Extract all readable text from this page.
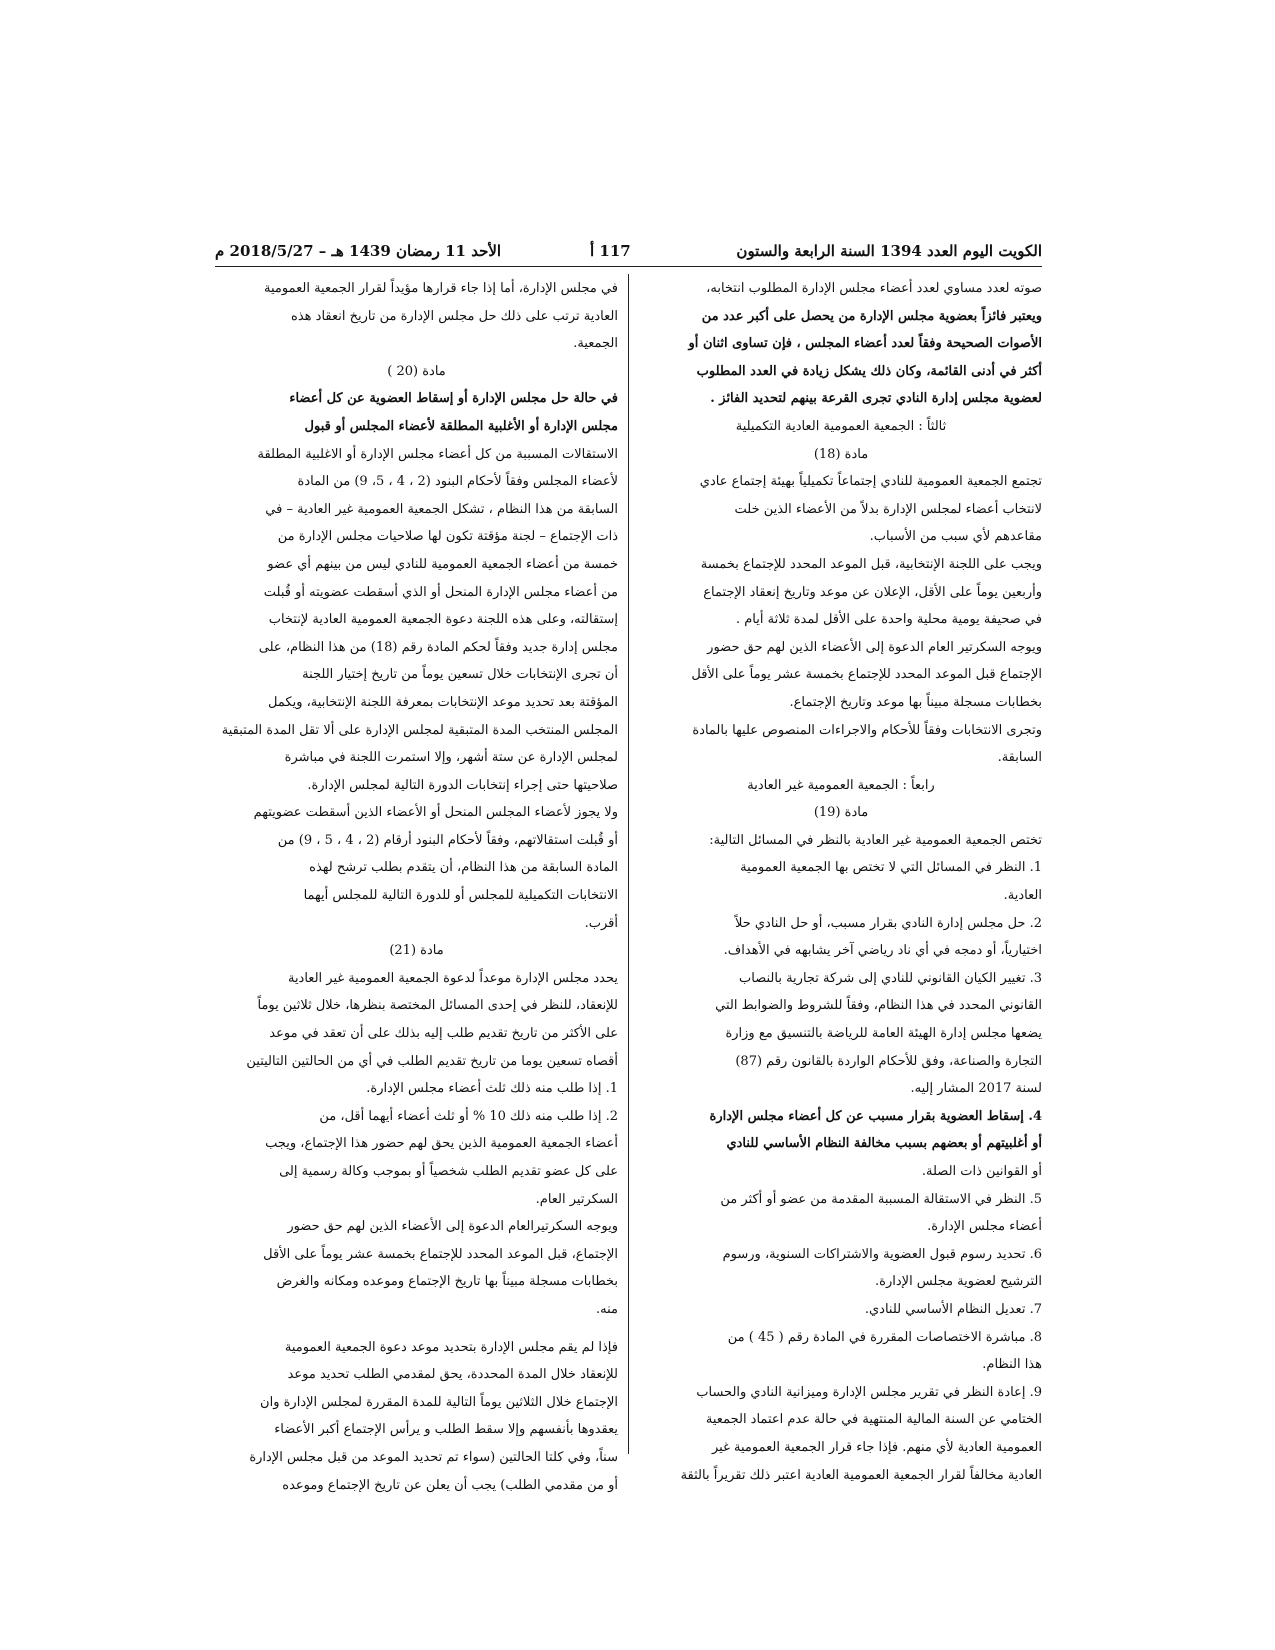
الكويت اليوم العدد 1394 السنة الرابعة والستون
117 أ
الأحد 11 رمضان 1439 هـ – 2018/5/27 م

صوته لعدد مساوي لعدد أعضاء مجلس الإدارة المطلوب انتخابه،

ويعتبر فائزاً بعضوية مجلس الإدارة من يحصل على أكبر عدد من

الأصوات الصحيحة وفقاً لعدد أعضاء المجلس ، فإن تساوى اثنان أو

أكثر في أدنى القائمة، وكان ذلك يشكل زيادة في العدد المطلوب

لعضوية مجلس إدارة النادي تجرى القرعة بينهم لتحديد الفائز .

ثالثاً : الجمعية العمومية العادية التكميلية

مادة (18)

تجتمع الجمعية العمومية للنادي إجتماعاً تكميلياً بهيئة إجتماع عادي

لانتخاب أعضاء لمجلس الإدارة بدلاً من الأعضاء الذين خلت

مقاعدهم لأي سبب من الأسباب.

ويجب على اللجنة الإنتخابية، قبل الموعد المحدد للإجتماع بخمسة

وأربعين يوماً على الأقل، الإعلان عن موعد وتاريخ إنعقاد الإجتماع

في صحيفة يومية محلية واحدة على الأقل لمدة ثلاثة أيام .

ويوجه السكرتير العام الدعوة إلى الأعضاء الذين لهم حق حضور

الإجتماع قبل الموعد المحدد للإجتماع بخمسة عشر يوماً على الأقل

بخطابات مسجلة مبيناً بها موعد وتاريخ الإجتماع.

وتجرى الانتخابات وفقاً للأحكام والاجراءات المنصوص عليها بالمادة

السابقة.

رابعاً : الجمعية العمومية غير العادية

مادة (19)

تختص الجمعية العمومية غير العادية بالنظر في المسائل التالية:

1. النظر في المسائل التي لا تختص بها الجمعية العمومية

العادية.

2. حل مجلس إدارة النادي بقرار مسبب، أو حل النادي حلاً

اختيارياً، أو دمجه في أي ناد رياضي آخر يشابهه في الأهداف.

3. تغيير الكيان القانوني للنادي إلى شركة تجارية بالنصاب

القانوني المحدد في هذا النظام، وفقاً للشروط والضوابط التي

يضعها مجلس إدارة الهيئة العامة للرياضة بالتنسيق مع وزارة

التجارة والصناعة، وفق للأحكام الواردة بالقانون رقم (87)

لسنة 2017 المشار إليه.

4. إسقاط العضوية بقرار مسبب عن كل أعضاء مجلس الإدارة

أو أغلبيتهم أو بعضهم بسبب مخالفة النظام الأساسي للنادي

أو القوانين ذات الصلة.

5. النظر في الاستقالة المسببة المقدمة من عضو أو أكثر من

أعضاء مجلس الإدارة.

6. تحديد رسوم قبول العضوية والاشتراكات السنوية، ورسوم

الترشيح لعضوية مجلس الإدارة.

7. تعديل النظام الأساسي للنادي.

8. مباشرة الاختصاصات المقررة في المادة رقم ( 45 ) من

هذا النظام.

9. إعادة النظر في تقرير مجلس الإدارة وميزانية النادي والحساب

الختامي عن السنة المالية المنتهية في حالة عدم اعتماد الجمعية

العمومية العادية لأي منهم. فإذا جاء قرار الجمعية العمومية غير

العادية مخالفاً لقرار الجمعية العمومية العادية اعتبر ذلك تقريراً بالثقة

في مجلس الإدارة، أما إذا جاء قرارها مؤيداً لقرار الجمعية العمومية

العادية ترتب على ذلك حل مجلس الإدارة من تاريخ انعقاد هذه

الجمعية.

مادة (20 )

في حالة حل مجلس الإدارة أو إسقاط العضوية عن كل أعضاء

مجلس الإدارة أو الأغلبية المطلقة لأعضاء المجلس أو قبول

الاستقالات المسببة من كل أعضاء مجلس الإدارة أو الاغلبية المطلقة

لأعضاء المجلس وفقاً لأحكام البنود (2 ، 4 ، 5، 9) من المادة

السابقة من هذا النظام ، تشكل الجمعية العمومية غير العادية – في

ذات الإجتماع – لجنة مؤقتة تكون لها صلاحيات مجلس الإدارة من

خمسة من أعضاء الجمعية العمومية للنادي ليس من بينهم أي عضو

من أعضاء مجلس الإدارة المنحل أو الذي أسقطت عضويته أو قُبلت

إستقالته، وعلى هذه اللجنة دعوة الجمعية العمومية العادية لإنتخاب

مجلس إدارة جديد وفقاً لحكم المادة رقم (18) من هذا النظام، على

أن تجرى الإنتخابات خلال تسعين يوماً من تاريخ إختيار اللجنة

المؤقتة بعد تحديد موعد الإنتخابات بمعرفة اللجنة الإنتخابية، ويكمل

المجلس المنتخب المدة المتبقية لمجلس الإدارة على ألا تقل المدة المتبقية

لمجلس الإدارة عن ستة أشهر، وإلا استمرت اللجنة في مباشرة

صلاحيتها حتى إجراء إنتخابات الدورة التالية لمجلس الإدارة.

ولا يجوز لأعضاء المجلس المنحل أو الأعضاء الذين أسقطت عضويتهم

أو قُبلت استقالاتهم، وفقاً لأحكام البنود أرقام (2 ، 4 ، 5 ، 9) من

المادة السابقة من هذا النظام، أن يتقدم بطلب ترشح لهذه

الانتخابات التكميلية للمجلس أو للدورة التالية للمجلس أيهما

أقرب.

مادة (21)

يحدد مجلس الإدارة موعداً لدعوة الجمعية العمومية غير العادية

للإنعقاد، للنظر في إحدى المسائل المختصة بنظرها، خلال ثلاثين يوماً

على الأكثر من تاريخ تقديم طلب إليه بذلك على أن تعقد في موعد

أقصاه تسعين يوما من تاريخ تقديم الطلب في أي من الحالتين التاليتين

1. إذا طلب منه ذلك ثلث أعضاء مجلس الإدارة.

2. إذا طلب منه ذلك 10 % أو ثلث أعضاء أيهما أقل، من

أعضاء الجمعية العمومية الذين يحق لهم حضور هذا الإجتماع، ويجب

على كل عضو تقديم الطلب شخصياً أو بموجب وكالة رسمية إلى

السكرتير العام.

ويوجه السكرتيرالعام الدعوة إلى الأعضاء الذين لهم حق حضور

الإجتماع، قبل الموعد المحدد للإجتماع بخمسة عشر يوماً على الأقل

بخطابات مسجلة مبيناً بها تاريخ الإجتماع وموعده ومكانه والغرض

منه.

فإذا لم يقم مجلس الإدارة بتحديد موعد دعوة الجمعية العمومية

للإنعقاد خلال المدة المحددة، يحق لمقدمي الطلب تحديد موعد

الإجتماع خلال الثلاثين يوماً التالية للمدة المقررة لمجلس الإدارة وان

يعقدوها بأنفسهم وإلا سقط الطلب و يرأس الإجتماع أكبر الأعضاء

سناً، وفي كلتا الحالتين (سواء تم تحديد الموعد من قبل مجلس الإدارة

أو من مقدمي الطلب) يجب أن يعلن عن تاريخ الإجتماع وموعده
